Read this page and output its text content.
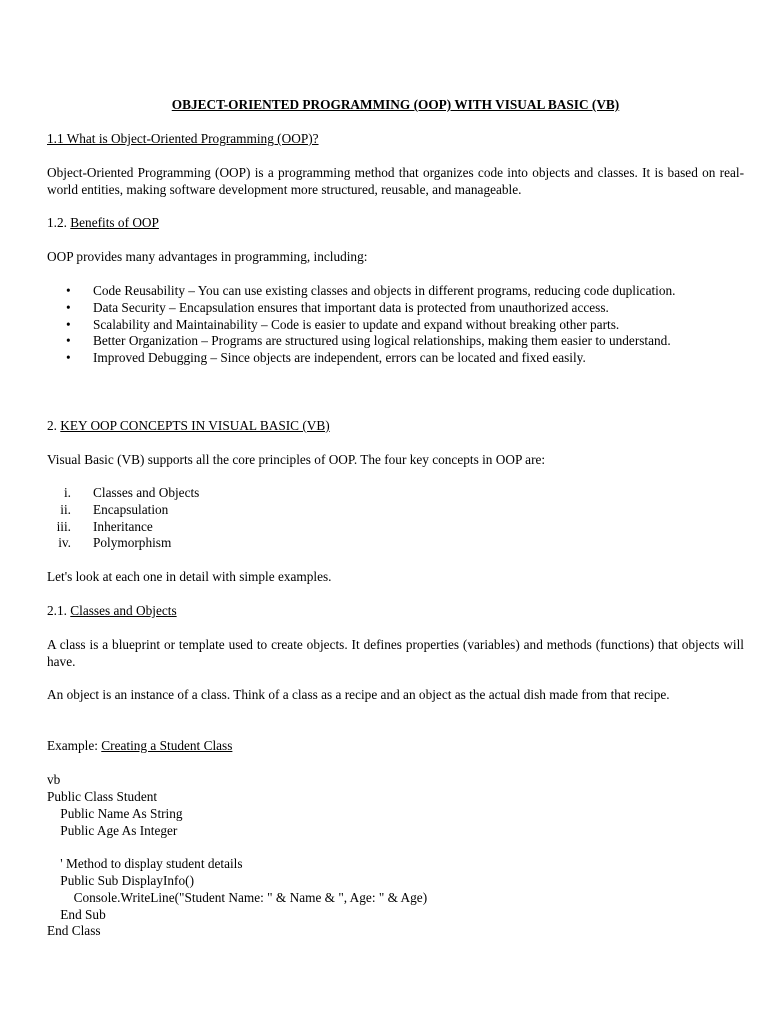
OBJECT-ORIENTED PROGRAMMING (OOP) WITH VISUAL BASIC (VB)

1.1 What is Object-Oriented Programming (OOP)?

Object-Oriented Programming (OOP) is a programming method that organizes code into objects and classes. It is based on real-world entities, making software development more structured, reusable, and manageable.

1.2. Benefits of OOP

OOP provides many advantages in programming, including:

• Code Reusability – You can use existing classes and objects in different programs, reducing code duplication.
• Data Security – Encapsulation ensures that important data is protected from unauthorized access.
• Scalability and Maintainability – Code is easier to update and expand without breaking other parts.
• Better Organization – Programs are structured using logical relationships, making them easier to understand.
• Improved Debugging – Since objects are independent, errors can be located and fixed easily.

2. KEY OOP CONCEPTS IN VISUAL BASIC (VB)

Visual Basic (VB) supports all the core principles of OOP. The four key concepts in OOP are:

i. Classes and Objects
ii. Encapsulation
iii. Inheritance
iv. Polymorphism

Let's look at each one in detail with simple examples.

2.1. Classes and Objects

A class is a blueprint or template used to create objects. It defines properties (variables) and methods (functions) that objects will have.

An object is an instance of a class. Think of a class as a recipe and an object as the actual dish made from that recipe.

Example: Creating a Student Class

vb

Public Class Student
Public Name As String
Public Age As Integer
' Method to display student details
Public Sub DisplayInfo()
Console.WriteLine("Student Name: " & Name & ", Age: " & Age)
End Sub
End Class
